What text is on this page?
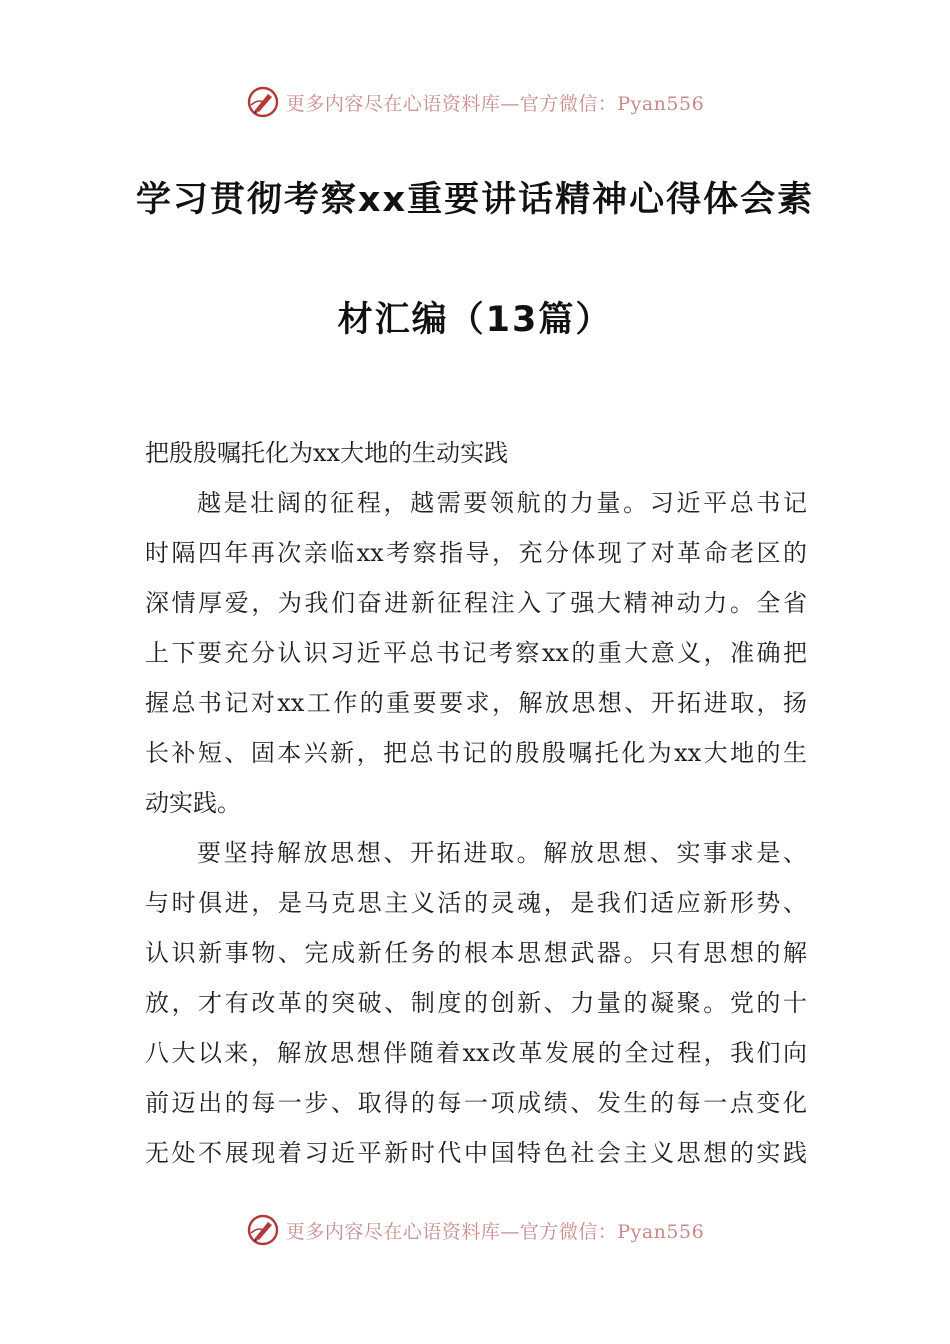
更多内容尽在心语资料库—官方微信：Pyan556
学习贯彻考察xx重要讲话精神心得体会素
材汇编（13篇）
把殷殷嘱托化为xx大地的生动实践
越是壮阔的征程，越需要领航的力量。习近平总书记
时隔四年再次亲临xx考察指导，充分体现了对革命老区的
深情厚爱，为我们奋进新征程注入了强大精神动力。全省
上下要充分认识习近平总书记考察xx的重大意义，准确把
握总书记对xx工作的重要要求，解放思想、开拓进取，扬
长补短、固本兴新，把总书记的殷殷嘱托化为xx大地的生
动实践。
要坚持解放思想、开拓进取。解放思想、实事求是、
与时俱进，是马克思主义活的灵魂，是我们适应新形势、
认识新事物、完成新任务的根本思想武器。只有思想的解
放，才有改革的突破、制度的创新、力量的凝聚。党的十
八大以来，解放思想伴随着xx改革发展的全过程，我们向
前迈出的每一步、取得的每一项成绩、发生的每一点变化
无处不展现着习近平新时代中国特色社会主义思想的实践
更多内容尽在心语资料库—官方微信：Pyan556
